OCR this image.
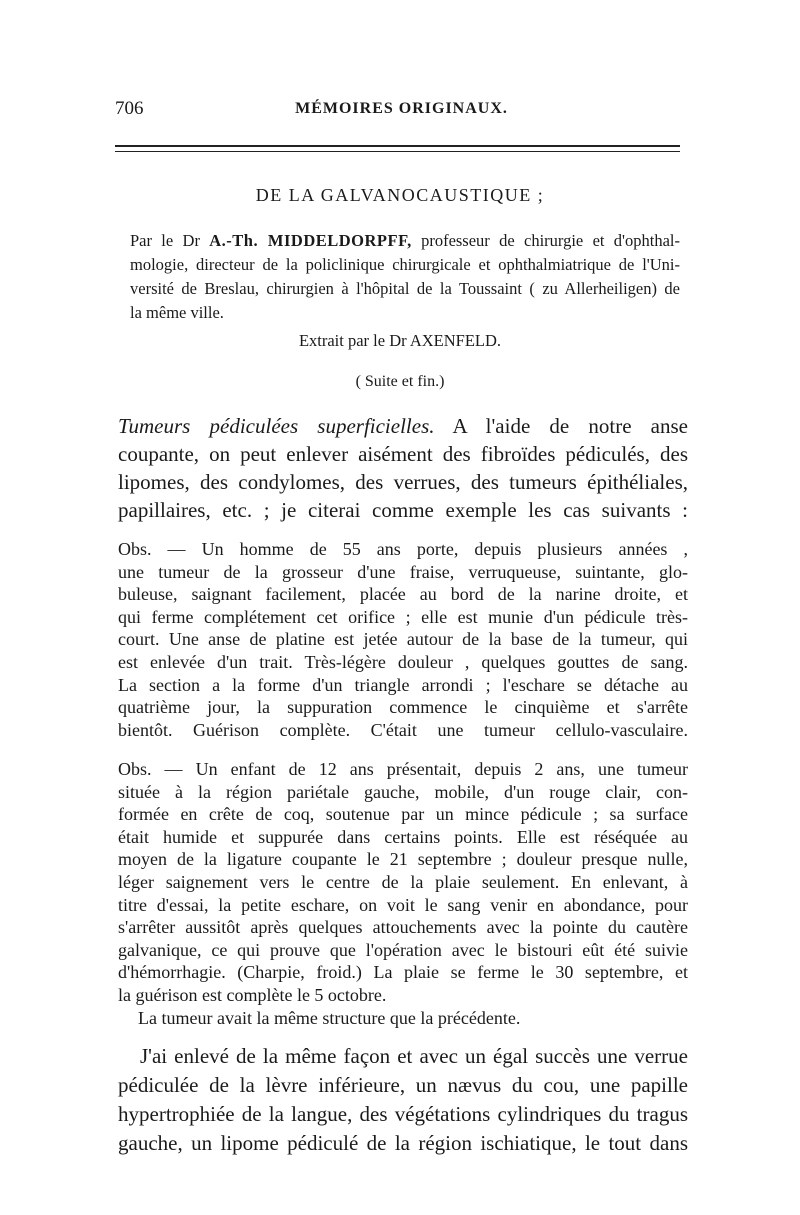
706	MÉMOIRES ORIGINAUX.
DE LA GALVANOCAUSTIQUE ;
Par le Dr A.-Th. MIDDELDORPFF, professeur de chirurgie et d'ophthal-
mologie, directeur de la policlinique chirurgicale et ophthalmiatrique de l'Uni-
versité de Breslau, chirurgien à l'hôpital de la Toussaint ( zu Allerheiligen) de
la même ville.
Extrait par le Dr AXENFELD.
( Suite et fin.)
Tumeurs pédiculées superficielles. A l'aide de notre anse
coupante, on peut enlever aisément des fibroïdes pédiculés, des
lipomes, des condylomes, des verrues, des tumeurs épithéliales,
papillaires, etc. ; je citerai comme exemple les cas suivants :
Obs. — Un homme de 55 ans porte, depuis plusieurs années ,
une tumeur de la grosseur d'une fraise, verruqueuse, suintante, glo-
buleuse, saignant facilement, placée au bord de la narine droite, et
qui ferme complétement cet orifice ; elle est munie d'un pédicule très-
court. Une anse de platine est jetée autour de la base de la tumeur, qui
est enlevée d'un trait. Très-légère douleur , quelques gouttes de sang.
La section a la forme d'un triangle arrondi ; l'eschare se détache au
quatrième jour, la suppuration commence le cinquième et s'arrête
bientôt. Guérison complète. C'était une tumeur cellulo-vasculaire.
Obs. — Un enfant de 12 ans présentait, depuis 2 ans, une tumeur
située à la région pariétale gauche, mobile, d'un rouge clair, con-
formée en crête de coq, soutenue par un mince pédicule ; sa surface
était humide et suppurée dans certains points. Elle est réséquée au
moyen de la ligature coupante le 21 septembre ; douleur presque nulle,
léger saignement vers le centre de la plaie seulement. En enlevant, à
titre d'essai, la petite eschare, on voit le sang venir en abondance, pour
s'arrêter aussitôt après quelques attouchements avec la pointe du cautère
galvanique, ce qui prouve que l'opération avec le bistouri eût été suivie
d'hémorrhagie. (Charpie, froid.) La plaie se ferme le 30 septembre, et
la guérison est complète le 5 octobre.
La tumeur avait la même structure que la précédente.
J'ai enlevé de la même façon et avec un égal succès une verrue
pédiculée de la lèvre inférieure, un nævus du cou, une papille
hypertrophiée de la langue, des végétations cylindriques du tragus
gauche, un lipome pédiculé de la région ischiatique, le tout dans
